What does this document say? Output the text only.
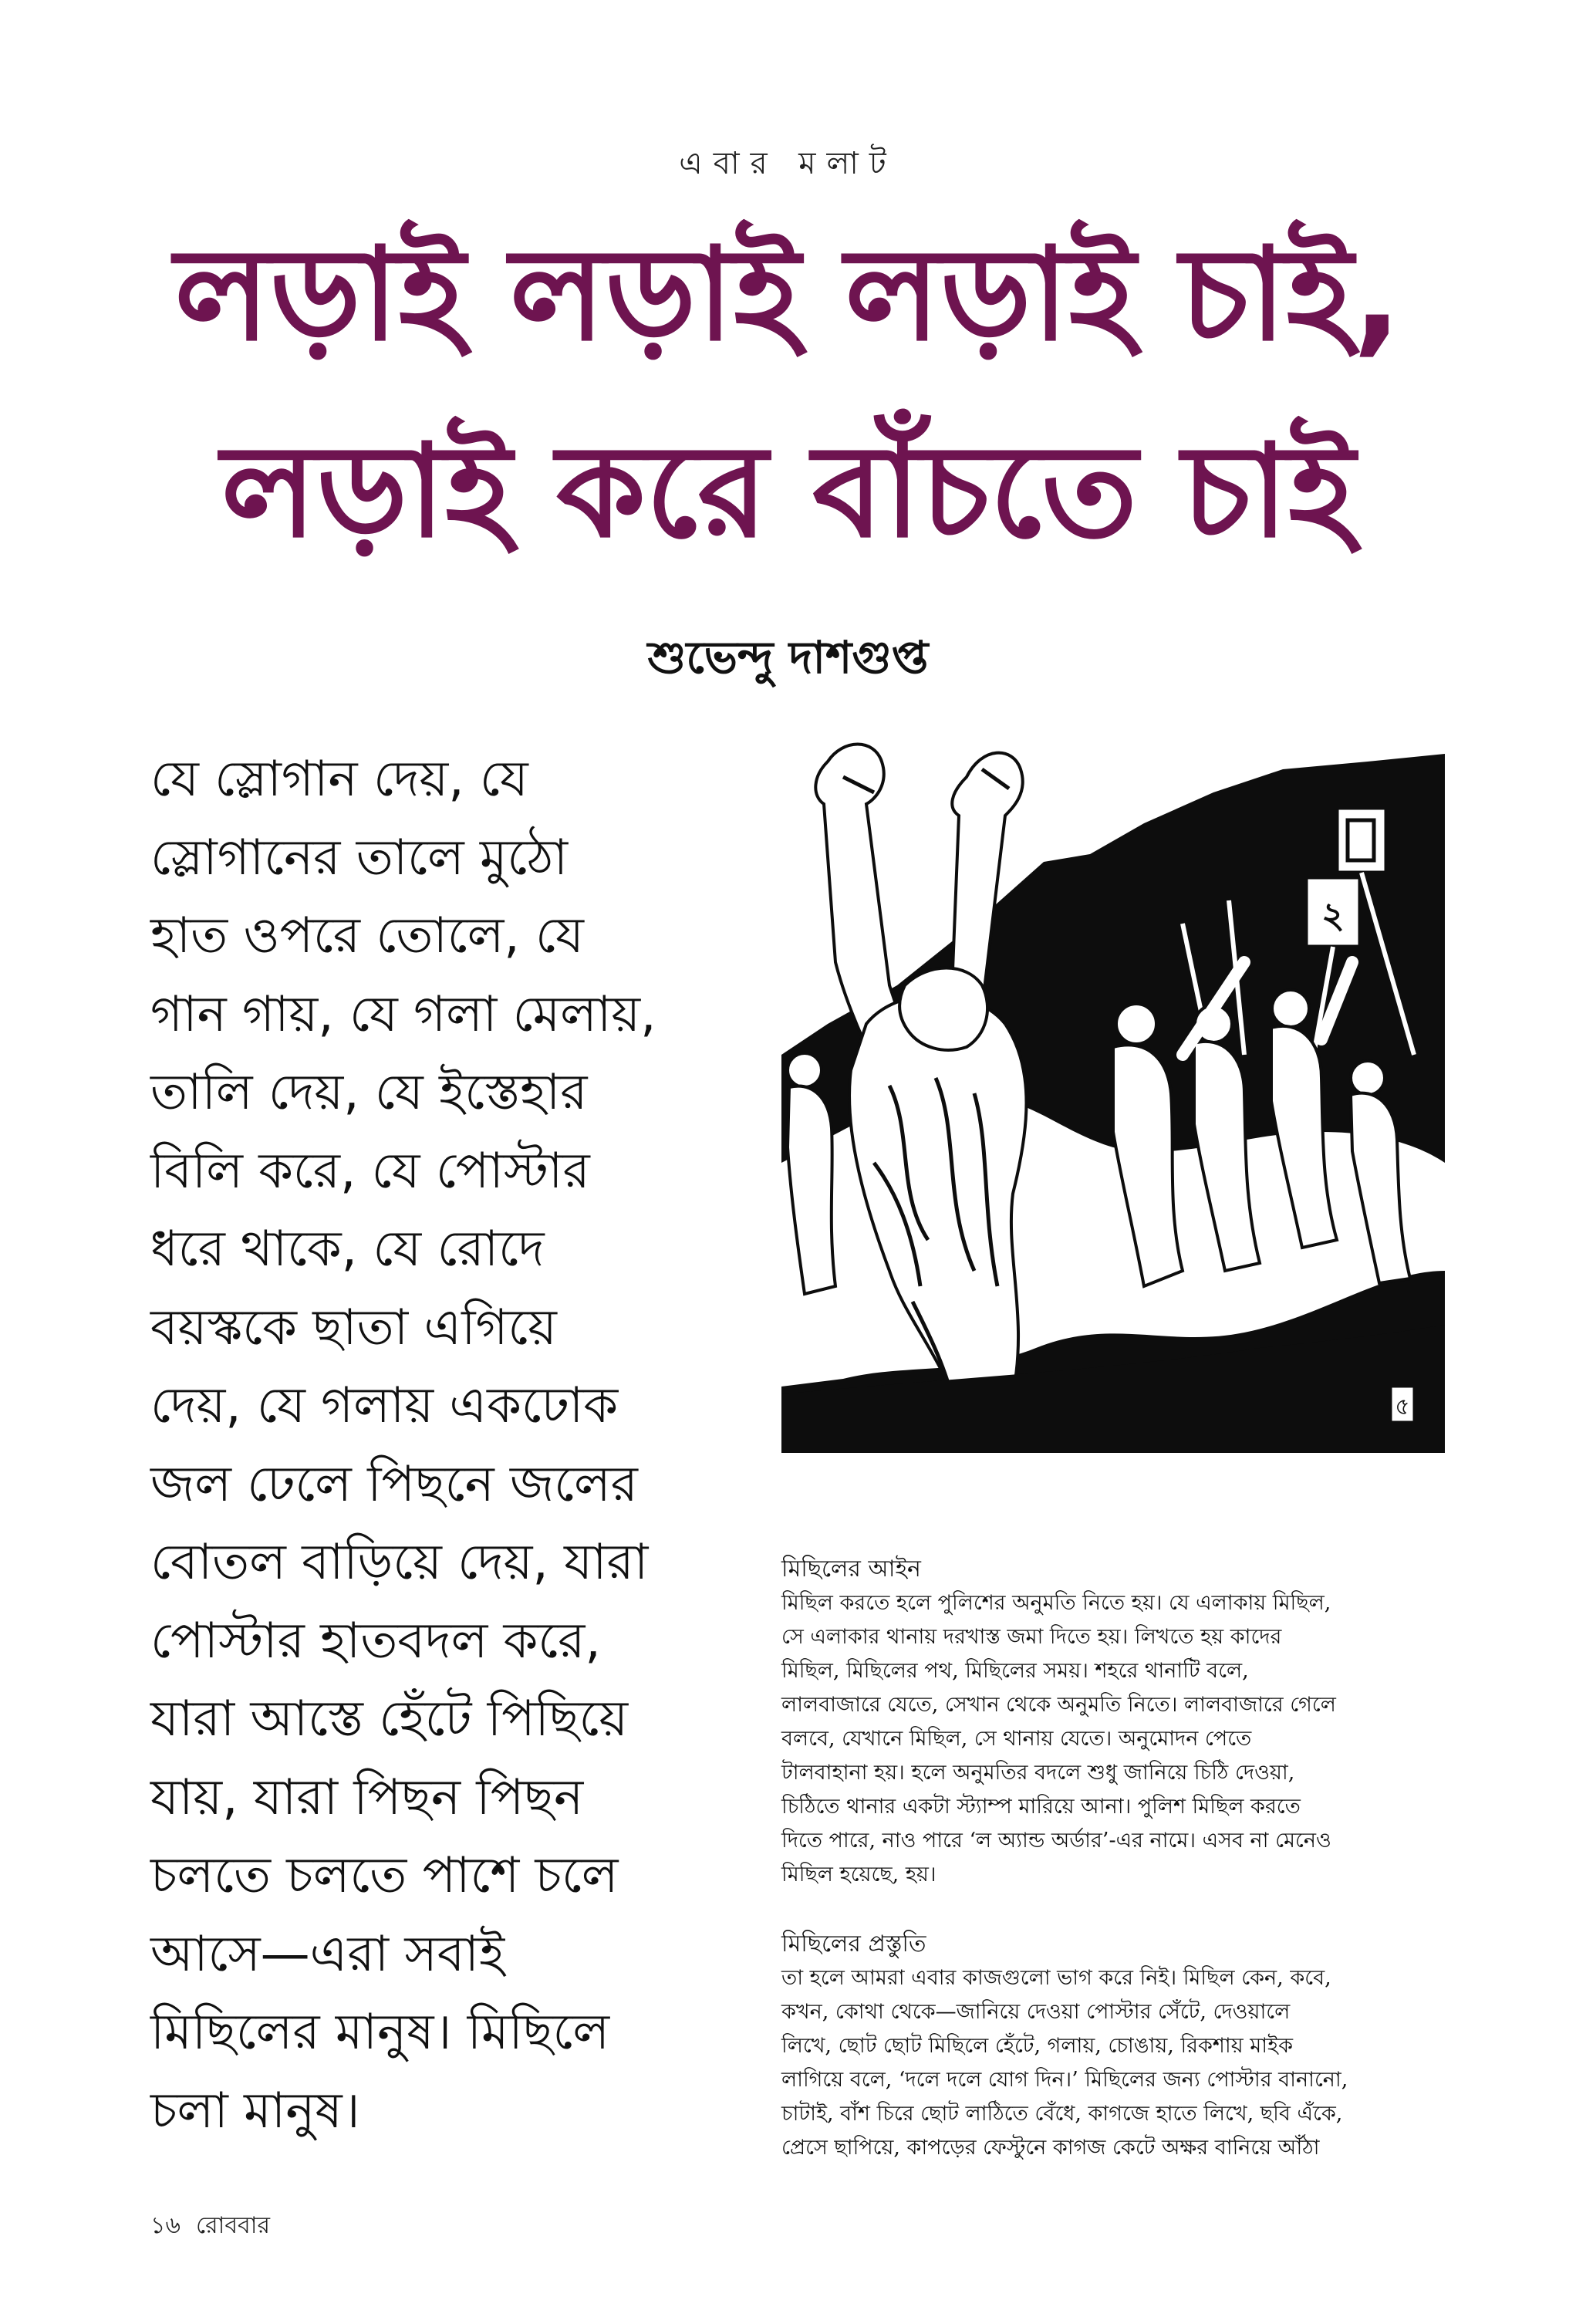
এবার মলাট
লড়াই লড়াই লড়াই চাই,
লড়াই করে বাঁচতে চাই
শুভেন্দু দাশগুপ্ত
যে স্লোগান দেয়, যে
স্লোগানের তালে মুঠো
হাত ওপরে তোলে, যে
গান গায়, যে গলা মেলায়,
তালি দেয়, যে ইস্তেহার
বিলি করে, যে পোস্টার
ধরে থাকে, যে রোদে
বয়স্ককে ছাতা এগিয়ে
দেয়, যে গলায় একঢোক
জল ঢেলে পিছনে জলের
বোতল বাড়িয়ে দেয়, যারা
পোস্টার হাতবদল করে,
যারা আস্তে হেঁটে পিছিয়ে
যায়, যারা পিছন পিছন
চলতে চলতে পাশে চলে
আসে—এরা সবাই
মিছিলের মানুষ। মিছিলে
চলা মানুষ।
২
৫
মিছিলের আইন
মিছিল করতে হলে পুলিশের অনুমতি নিতে হয়। যে এলাকায় মিছিল,
সে এলাকার থানায় দরখাস্ত জমা দিতে হয়। লিখতে হয় কাদের
মিছিল, মিছিলের পথ, মিছিলের সময়। শহরে থানাটি বলে,
লালবাজারে যেতে, সেখান থেকে অনুমতি নিতে। লালবাজারে গেলে
বলবে, যেখানে মিছিল, সে থানায় যেতে। অনুমোদন পেতে
টালবাহানা হয়। হলে অনুমতির বদলে শুধু জানিয়ে চিঠি দেওয়া,
চিঠিতে থানার একটা স্ট্যাম্প মারিয়ে আনা। পুলিশ মিছিল করতে
দিতে পারে, নাও পারে ‘ল অ্যান্ড অর্ডার’-এর নামে। এসব না মেনেও
মিছিল হয়েছে, হয়।
মিছিলের প্রস্তুতি
তা হলে আমরা এবার কাজগুলো ভাগ করে নিই। মিছিল কেন, কবে,
কখন, কোথা থেকে—জানিয়ে দেওয়া পোস্টার সেঁটে, দেওয়ালে
লিখে, ছোট ছোট মিছিলে হেঁটে, গলায়, চোঙায়, রিকশায় মাইক
লাগিয়ে বলে, ‘দলে দলে যোগ দিন।’ মিছিলের জন্য পোস্টার বানানো,
চাটাই, বাঁশ চিরে ছোট লাঠিতে বেঁধে, কাগজে হাতে লিখে, ছবি এঁকে,
প্রেসে ছাপিয়ে, কাপড়ের ফেস্টুনে কাগজ কেটে অক্ষর বানিয়ে আঁঠা
১৬ রোববার
